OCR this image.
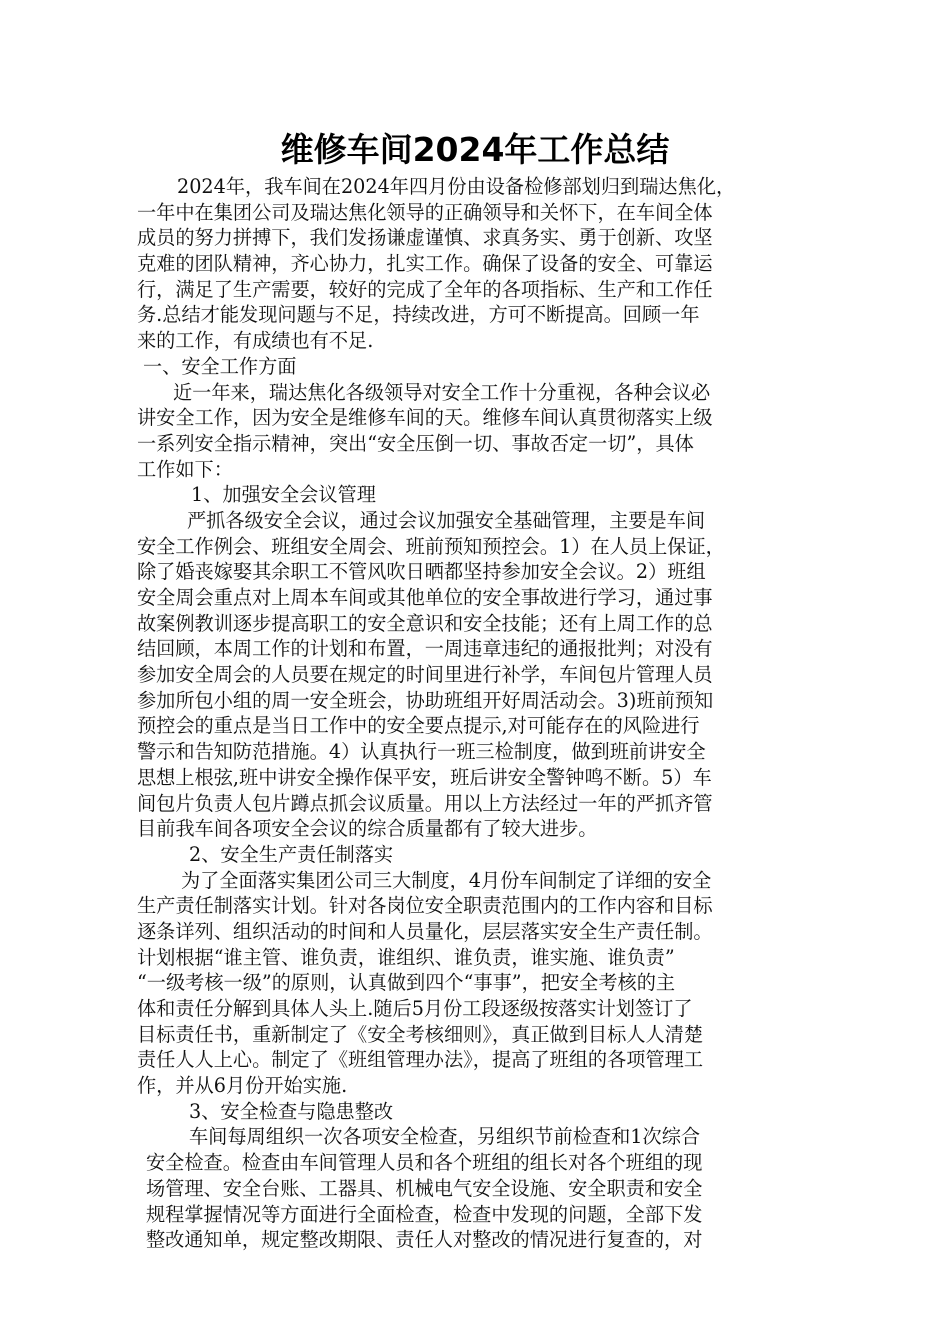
维修车间2024年工作总结
2024年，我车间在2024年四月份由设备检修部划归到瑞达焦化，
一年中在集团公司及瑞达焦化领导的正确领导和关怀下，在车间全体
成员的努力拼搏下，我们发扬谦虚谨慎、求真务实、勇于创新、攻坚
克难的团队精神，齐心协力，扎实工作。确保了设备的安全、可靠运
行，满足了生产需要，较好的完成了全年的各项指标、生产和工作任
务.总结才能发现问题与不足，持续改进，方可不断提高。回顾一年
来的工作，有成绩也有不足.
一、安全工作方面
近一年来，瑞达焦化各级领导对安全工作十分重视，各种会议必
讲安全工作，因为安全是维修车间的天。维修车间认真贯彻落实上级
一系列安全指示精神，突出“安全压倒一切、事故否定一切”，具体
工作如下：
1、加强安全会议管理
严抓各级安全会议，通过会议加强安全基础管理，主要是车间
安全工作例会、班组安全周会、班前预知预控会。1）在人员上保证，
除了婚丧嫁娶其余职工不管风吹日晒都坚持参加安全会议。2）班组
安全周会重点对上周本车间或其他单位的安全事故进行学习，通过事
故案例教训逐步提高职工的安全意识和安全技能；还有上周工作的总
结回顾，本周工作的计划和布置，一周违章违纪的通报批判；对没有
参加安全周会的人员要在规定的时间里进行补学，车间包片管理人员
参加所包小组的周一安全班会，协助班组开好周活动会。3)班前预知
预控会的重点是当日工作中的安全要点提示,对可能存在的风险进行
警示和告知防范措施。4）认真执行一班三检制度，做到班前讲安全
思想上根弦,班中讲安全操作保平安，班后讲安全警钟鸣不断。5）车
间包片负责人包片蹲点抓会议质量。用以上方法经过一年的严抓齐管
目前我车间各项安全会议的综合质量都有了较大进步。
2、安全生产责任制落实
为了全面落实集团公司三大制度，4月份车间制定了详细的安全
生产责任制落实计划。针对各岗位安全职责范围内的工作内容和目标
逐条详列、组织活动的时间和人员量化，层层落实安全生产责任制。
计划根据“谁主管、谁负责，谁组织、谁负责，谁实施、谁负责”
“一级考核一级”的原则，认真做到四个“事事”，把安全考核的主
体和责任分解到具体人头上.随后5月份工段逐级按落实计划签订了
目标责任书，重新制定了《安全考核细则》，真正做到目标人人清楚
责任人人上心。制定了《班组管理办法》，提高了班组的各项管理工
作，并从6月份开始实施.
3、安全检查与隐患整改
车间每周组织一次各项安全检查，另组织节前检查和1次综合
安全检查。检查由车间管理人员和各个班组的组长对各个班组的现
场管理、安全台账、工器具、机械电气安全设施、安全职责和安全
规程掌握情况等方面进行全面检查，检查中发现的问题，全部下发
整改通知单，规定整改期限、责任人对整改的情况进行复查的，对
